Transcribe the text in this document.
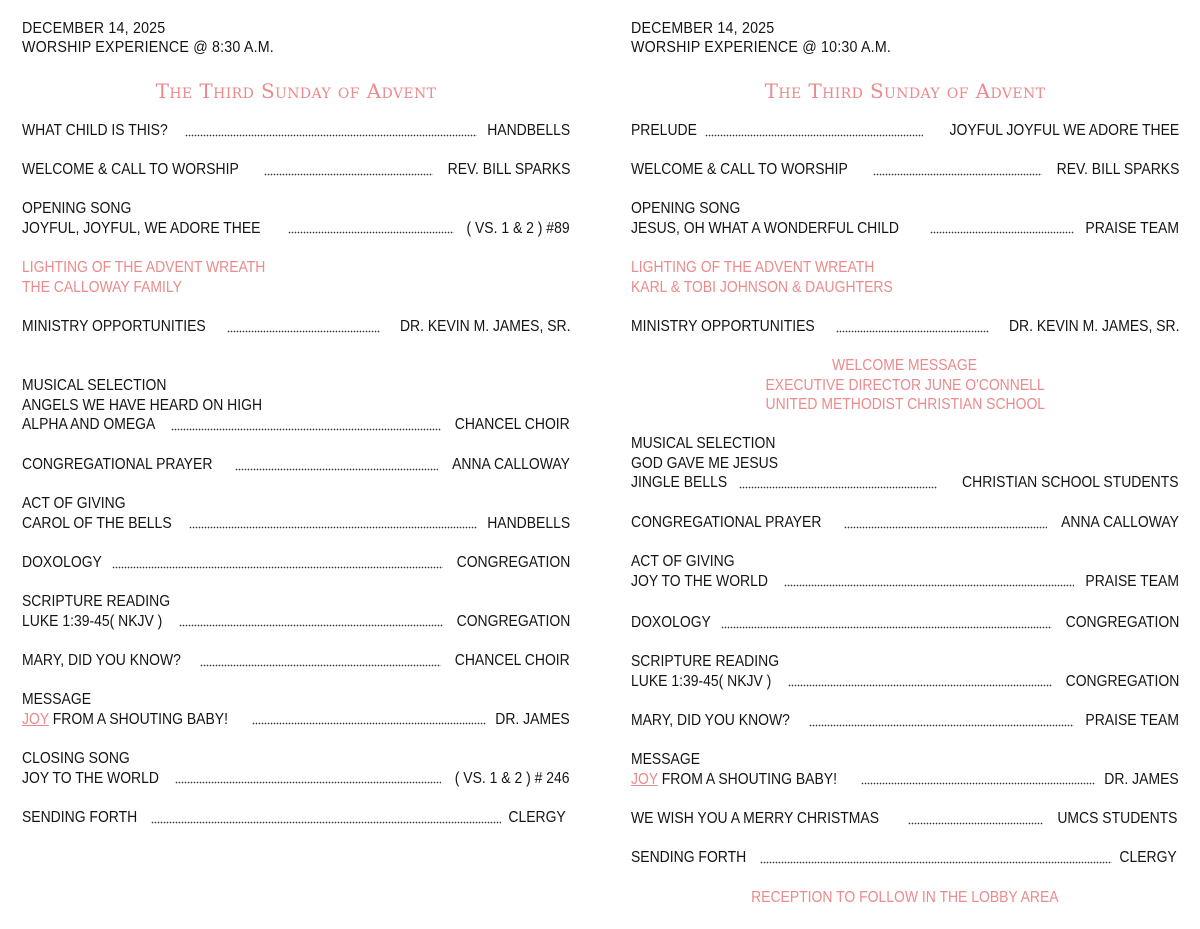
DECEMBER 14, 2025
WORSHIP EXPERIENCE @ 8:30 A.M.
The Third Sunday of Advent
WHAT CHILD IS THIS?	HANDBELLS
WELCOME & CALL TO WORSHIP	REV. BILL SPARKS
OPENING SONG
JOYFUL, JOYFUL, WE ADORE THEE	( VS. 1 & 2 ) #89
LIGHTING OF THE ADVENT WREATH
THE CALLOWAY FAMILY
MINISTRY OPPORTUNITIES	DR. KEVIN M. JAMES, SR.
MUSICAL SELECTION
ANGELS WE HAVE HEARD ON HIGH
ALPHA AND OMEGA	CHANCEL CHOIR
CONGREGATIONAL PRAYER	ANNA CALLOWAY
ACT OF GIVING
CAROL OF THE BELLS	HANDBELLS
DOXOLOGY	CONGREGATION
SCRIPTURE READING
LUKE 1:39-45( NKJV )	CONGREGATION
MARY, DID YOU KNOW?	CHANCEL CHOIR
MESSAGE
JOY FROM A SHOUTING BABY!	DR. JAMES
CLOSING SONG
JOY TO THE WORLD	( VS. 1 & 2 ) # 246
SENDING FORTH	CLERGY
DECEMBER 14, 2025
WORSHIP EXPERIENCE @ 10:30 A.M.
The Third Sunday of Advent
PRELUDE	JOYFUL JOYFUL WE ADORE THEE
WELCOME & CALL TO WORSHIP	REV. BILL SPARKS
OPENING SONG
JESUS, OH WHAT A WONDERFUL CHILD	PRAISE TEAM
LIGHTING OF THE ADVENT WREATH
KARL & TOBI JOHNSON & DAUGHTERS
MINISTRY OPPORTUNITIES	DR. KEVIN M. JAMES, SR.
WELCOME MESSAGE
EXECUTIVE DIRECTOR JUNE O'CONNELL
UNITED METHODIST CHRISTIAN SCHOOL
MUSICAL SELECTION
GOD GAVE ME JESUS
JINGLE BELLS	CHRISTIAN SCHOOL STUDENTS
CONGREGATIONAL PRAYER	ANNA CALLOWAY
ACT OF GIVING
JOY TO THE WORLD	PRAISE TEAM
DOXOLOGY	CONGREGATION
SCRIPTURE READING
LUKE 1:39-45( NKJV )	CONGREGATION
MARY, DID YOU KNOW?	PRAISE TEAM
MESSAGE
JOY FROM A SHOUTING BABY!	DR. JAMES
WE WISH YOU A MERRY CHRISTMAS	UMCS STUDENTS
SENDING FORTH	CLERGY
RECEPTION TO FOLLOW IN THE LOBBY AREA
